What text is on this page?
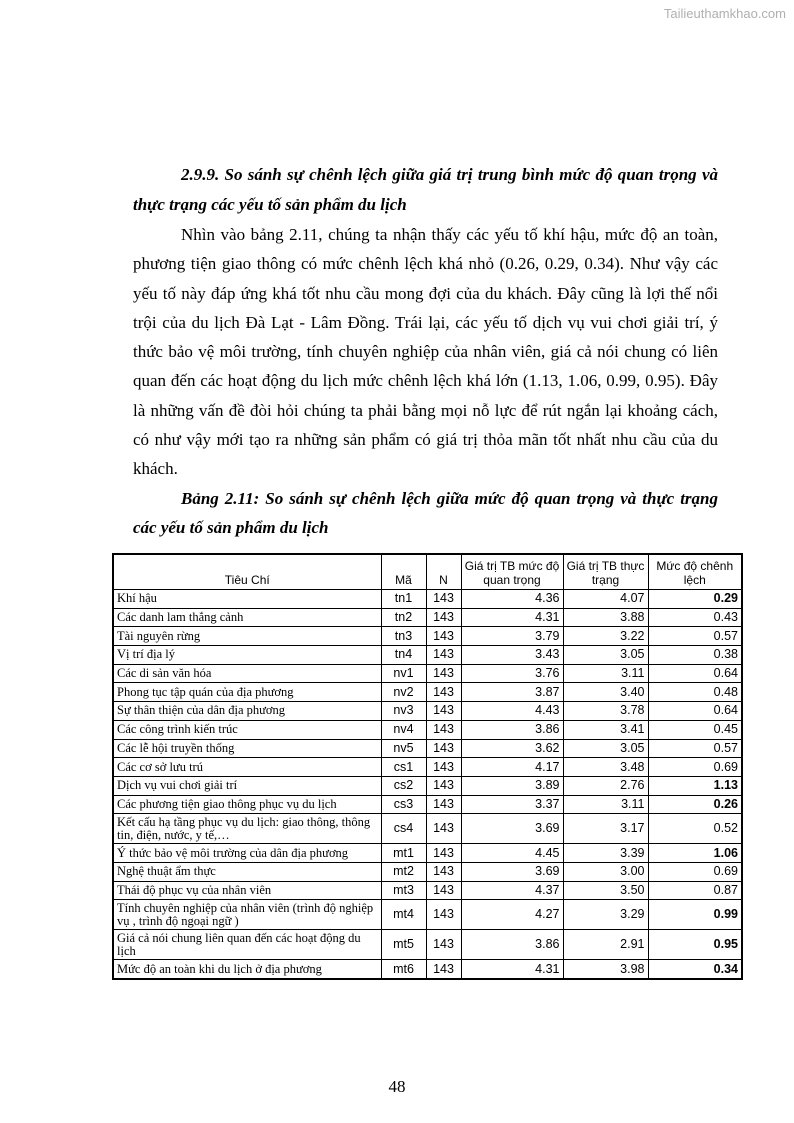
Tailieuthamkhao.com

2.9.9. So sánh sự chênh lệch giữa giá trị trung bình mức độ quan trọng và thực trạng các yếu tố sản phẩm du lịch

Nhìn vào bảng 2.11, chúng ta nhận thấy các yếu tố khí hậu, mức độ an toàn, phương tiện giao thông có mức chênh lệch khá nhỏ (0.26, 0.29, 0.34). Như vậy các yếu tố này đáp ứng khá tốt nhu cầu mong đợi của du khách. Đây cũng là lợi thế nổi trội của du lịch Đà Lạt - Lâm Đồng. Trái lại, các yếu tố dịch vụ vui chơi giải trí, ý thức bảo vệ môi trường, tính chuyên nghiệp của nhân viên, giá cả nói chung có liên quan đến các hoạt động du lịch mức chênh lệch khá lớn (1.13, 1.06, 0.99, 0.95). Đây là những vấn đề đòi hỏi chúng ta phải bằng mọi nỗ lực để rút ngắn lại khoảng cách, có như vậy mới tạo ra những sản phẩm có giá trị thỏa mãn tốt nhất nhu cầu của du khách.

Bảng 2.11: So sánh sự chênh lệch giữa mức độ quan trọng và thực trạng các yếu tố sản phẩm du lịch

Tiêu Chí	Mã	N	Giá trị TB mức độ quan trọng	Giá trị TB thực trạng	Mức độ chênh lệch
Khí hậu	tn1	143	4.36	4.07	0.29
Các danh lam thắng cảnh	tn2	143	4.31	3.88	0.43
Tài nguyên rừng	tn3	143	3.79	3.22	0.57
Vị trí địa lý	tn4	143	3.43	3.05	0.38
Các di sản văn hóa	nv1	143	3.76	3.11	0.64
Phong tục tập quán của địa phương	nv2	143	3.87	3.40	0.48
Sự thân thiện của dân địa phương	nv3	143	4.43	3.78	0.64
Các công trình kiến trúc	nv4	143	3.86	3.41	0.45
Các lễ hội truyền thống	nv5	143	3.62	3.05	0.57
Các cơ sở lưu trú	cs1	143	4.17	3.48	0.69
Dịch vụ vui chơi giải trí	cs2	143	3.89	2.76	1.13
Các phương tiện giao thông phục vụ du lịch	cs3	143	3.37	3.11	0.26
Kết cấu hạ tầng phục vụ du lịch: giao thông, thông tin, điện, nước, y tế,…	cs4	143	3.69	3.17	0.52
Ý thức bảo vệ môi trường của dân địa phương	mt1	143	4.45	3.39	1.06
Nghệ thuật ẩm thực	mt2	143	3.69	3.00	0.69
Thái độ phục vụ của nhân viên	mt3	143	4.37	3.50	0.87
Tính chuyên nghiệp của nhân viên (trình độ nghiệp vụ , trình độ ngoại ngữ )	mt4	143	4.27	3.29	0.99
Giá cả nói chung liên quan đến các hoạt động du lịch	mt5	143	3.86	2.91	0.95
Mức độ an toàn khi du lịch ở địa phương	mt6	143	4.31	3.98	0.34
48
